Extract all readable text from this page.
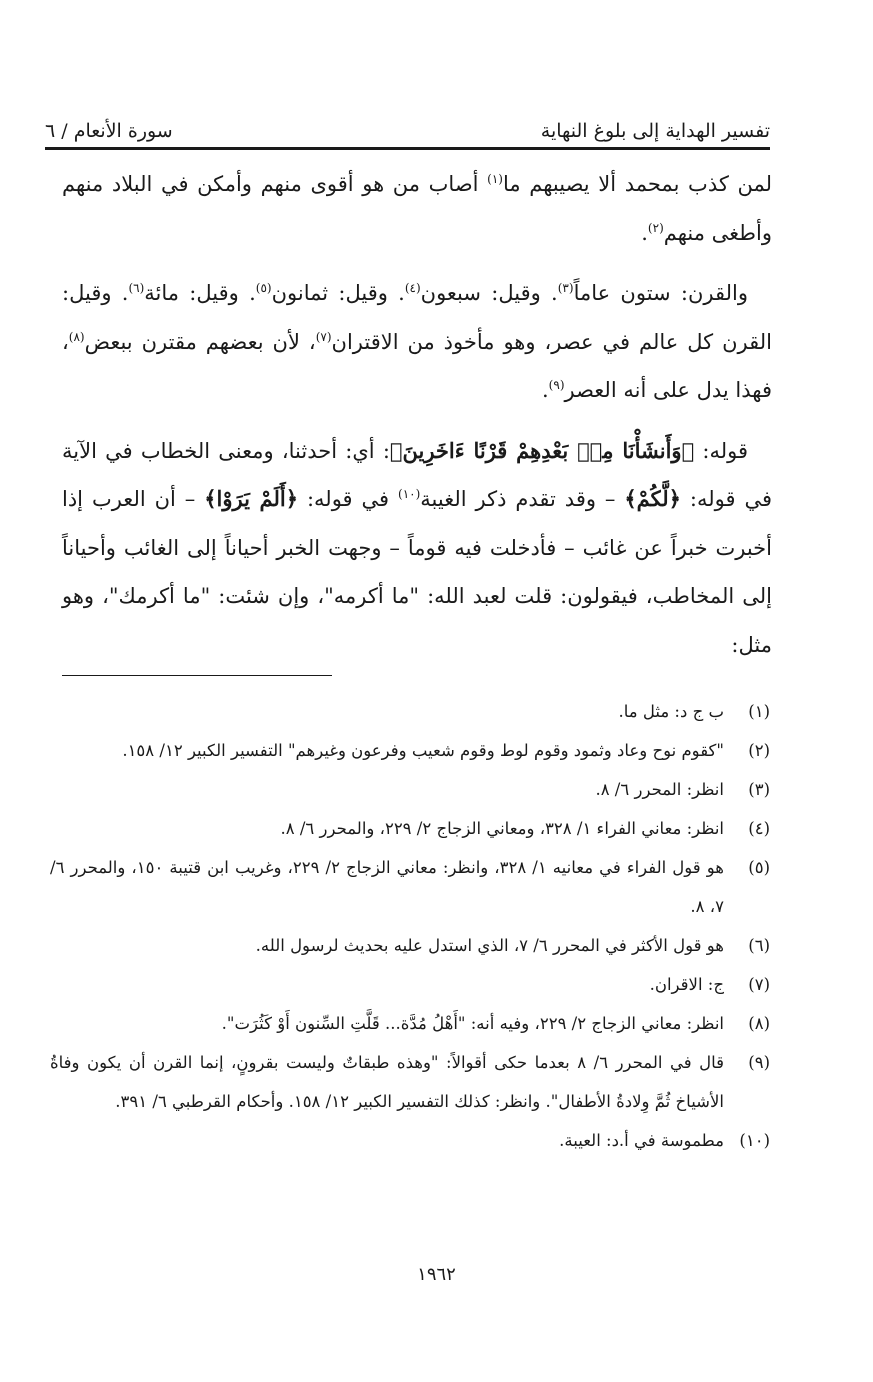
تفسير الهداية إلى بلوغ النهاية
سورة الأنعام / ٦

لمن كذب بمحمد ألا يصيبهم ما$^{(١)}$ أصاب من هو أقوى منهم وأمكن في البلاد منهم وأطغى منهم$^{(٢)}$.

والقرن: ستون عاماً$^{(٣)}$. وقيل: سبعون$^{(٤)}$. وقيل: ثمانون$^{(٥)}$. وقيل: مائة$^{(٦)}$. وقيل: القرن كل عالم في عصر، وهو مأخوذ من الاقتران$^{(٧)}$، لأن بعضهم مقترن ببعض$^{(٨)}$، فهذا يدل على أنه العصر$^{(٩)}$.

قوله: ﴿وَأَنشَأْنَا مِنۢ بَعْدِهِمْ قَرْنًا ءَاخَرِينَ﴾: أي: أحدثنا، ومعنى الخطاب في الآية في قوله: ﴿لَّكُمْ﴾ – وقد تقدم ذكر الغيبة$^{(١٠)}$ في قوله: ﴿أَلَمْ يَرَوْا﴾ – أن العرب إذا أخبرت خبراً عن غائب – فأدخلت فيه قوماً – وجهت الخبر أحياناً إلى الغائب وأحياناً إلى المخاطب، فيقولون: قلت لعبد الله: "ما أكرمه"، وإن شئت: "ما أكرمك"، وهو مثل:

(١)
ب ج د: مثل ما.
(٢)
"كقوم نوح وعاد وثمود وقوم لوط وقوم شعيب وفرعون وغيرهم" التفسير الكبير ١٢/ ١٥٨.
(٣)
انظر: المحرر ٦/ ٨.
(٤)
انظر: معاني الفراء ١/ ٣٢٨، ومعاني الزجاج ٢/ ٢٢٩، والمحرر ٦/ ٨.
(٥)
هو قول الفراء في معانيه ١/ ٣٢٨، وانظر: معاني الزجاج ٢/ ٢٢٩، وغريب ابن قتيبة ١٥٠، والمحرر ٦/ ٧، ٨.
(٦)
هو قول الأكثر في المحرر ٦/ ٧، الذي استدل عليه بحديث لرسول الله.
(٧)
ج: الاقران.
(٨)
انظر: معاني الزجاج ٢/ ٢٢٩، وفيه أنه: "أَهْلُ مُدَّة... قَلَّتِ السِّنون أَوْ كَثُرَت".
(٩)
قال في المحرر ٦/ ٨ بعدما حكى أقوالاً: "وهذه طبقاتٌ وليست بقرونٍ، إنما القرن أن يكون وفاةُ الأشياخ ثُمَّ وِلادةُ الأطفال". وانظر: كذلك التفسير الكبير ١٢/ ١٥٨. وأحكام القرطبي ٦/ ٣٩١.
(١٠)
مطموسة في أ.د: العيبة.
١٩٦٢
